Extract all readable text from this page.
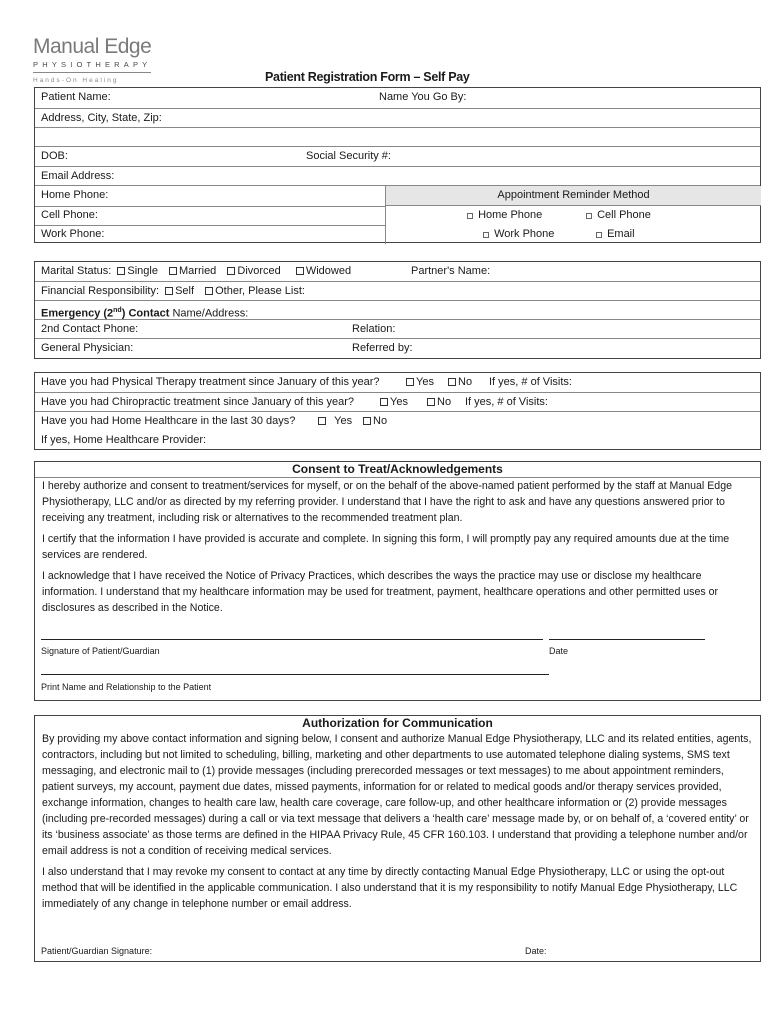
Manual Edge
PHYSIOTHERAPY
Hands-On Healing	Patient Registration Form – Self Pay
Patient Name:	Name You Go By:
Address, City, State, Zip:
DOB:	Social Security #:
Email Address:
Home Phone:	Appointment Reminder Method
Cell Phone:
Work Phone:
Home Phone	Cell Phone
Work Phone	Email
Marital Status: Single Married Divorced Widowed	Partner's Name:
Financial Responsibility: Self Other, Please List:
Emergency (2nd) Contact Name/Address:
2nd Contact Phone:	Relation:
General Physician:	Referred by:
Have you had Physical Therapy treatment since January of this year?	Yes	No If yes, # of Visits:
Have you had Chiropractic treatment since January of this year?	Yes	No If yes, # of Visits:
Have you had Home Healthcare in the last 30 days?	Yes	No
If yes, Home Healthcare Provider:
Consent to Treat/Acknowledgements

I hereby authorize and consent to treatment/services for myself, or on the behalf of the above-named patient performed by the staff at Manual Edge Physiotherapy, LLC and/or as directed by my referring provider. I understand that I have the right to ask and have any questions answered prior to receiving any treatment, including risk or alternatives to the recommended treatment plan.

I certify that the information I have provided is accurate and complete. In signing this form, I will promptly pay any required amounts due at the time services are rendered.

I acknowledge that I have received the Notice of Privacy Practices, which describes the ways the practice may use or disclose my healthcare information. I understand that my healthcare information may be used for treatment, payment, healthcare operations and other permitted uses or disclosures as described in the Notice.

Signature of Patient/Guardian	Date
Print Name and Relationship to the Patient
Authorization for Communication

By providing my above contact information and signing below, I consent and authorize Manual Edge Physiotherapy, LLC and its related entities, agents, contractors, including but not limited to scheduling, billing, marketing and other departments to use automated telephone dialing systems, SMS text messaging, and electronic mail to (1) provide messages (including prerecorded messages or text messages) to me about appointment reminders, patient surveys, my account, payment due dates, missed payments, information for or related to medical goods and/or therapy services provided, exchange information, changes to health care law, health care coverage, care follow-up, and other healthcare information or (2) provide messages (including pre-recorded messages) during a call or via text message that delivers a ‘health care’ message made by, or on behalf of, a ‘covered entity’ or its ‘business associate’ as those terms are defined in the HIPAA Privacy Rule, 45 CFR 160.103. I understand that providing a telephone number and/or email address is not a condition of receiving medical services.

I also understand that I may revoke my consent to contact at any time by directly contacting Manual Edge Physiotherapy, LLC or using the opt-out method that will be identified in the applicable communication. I also understand that it is my responsibility to notify Manual Edge Physiotherapy, LLC immediately of any change in telephone number or email address.

Patient/Guardian Signature:	Date:
